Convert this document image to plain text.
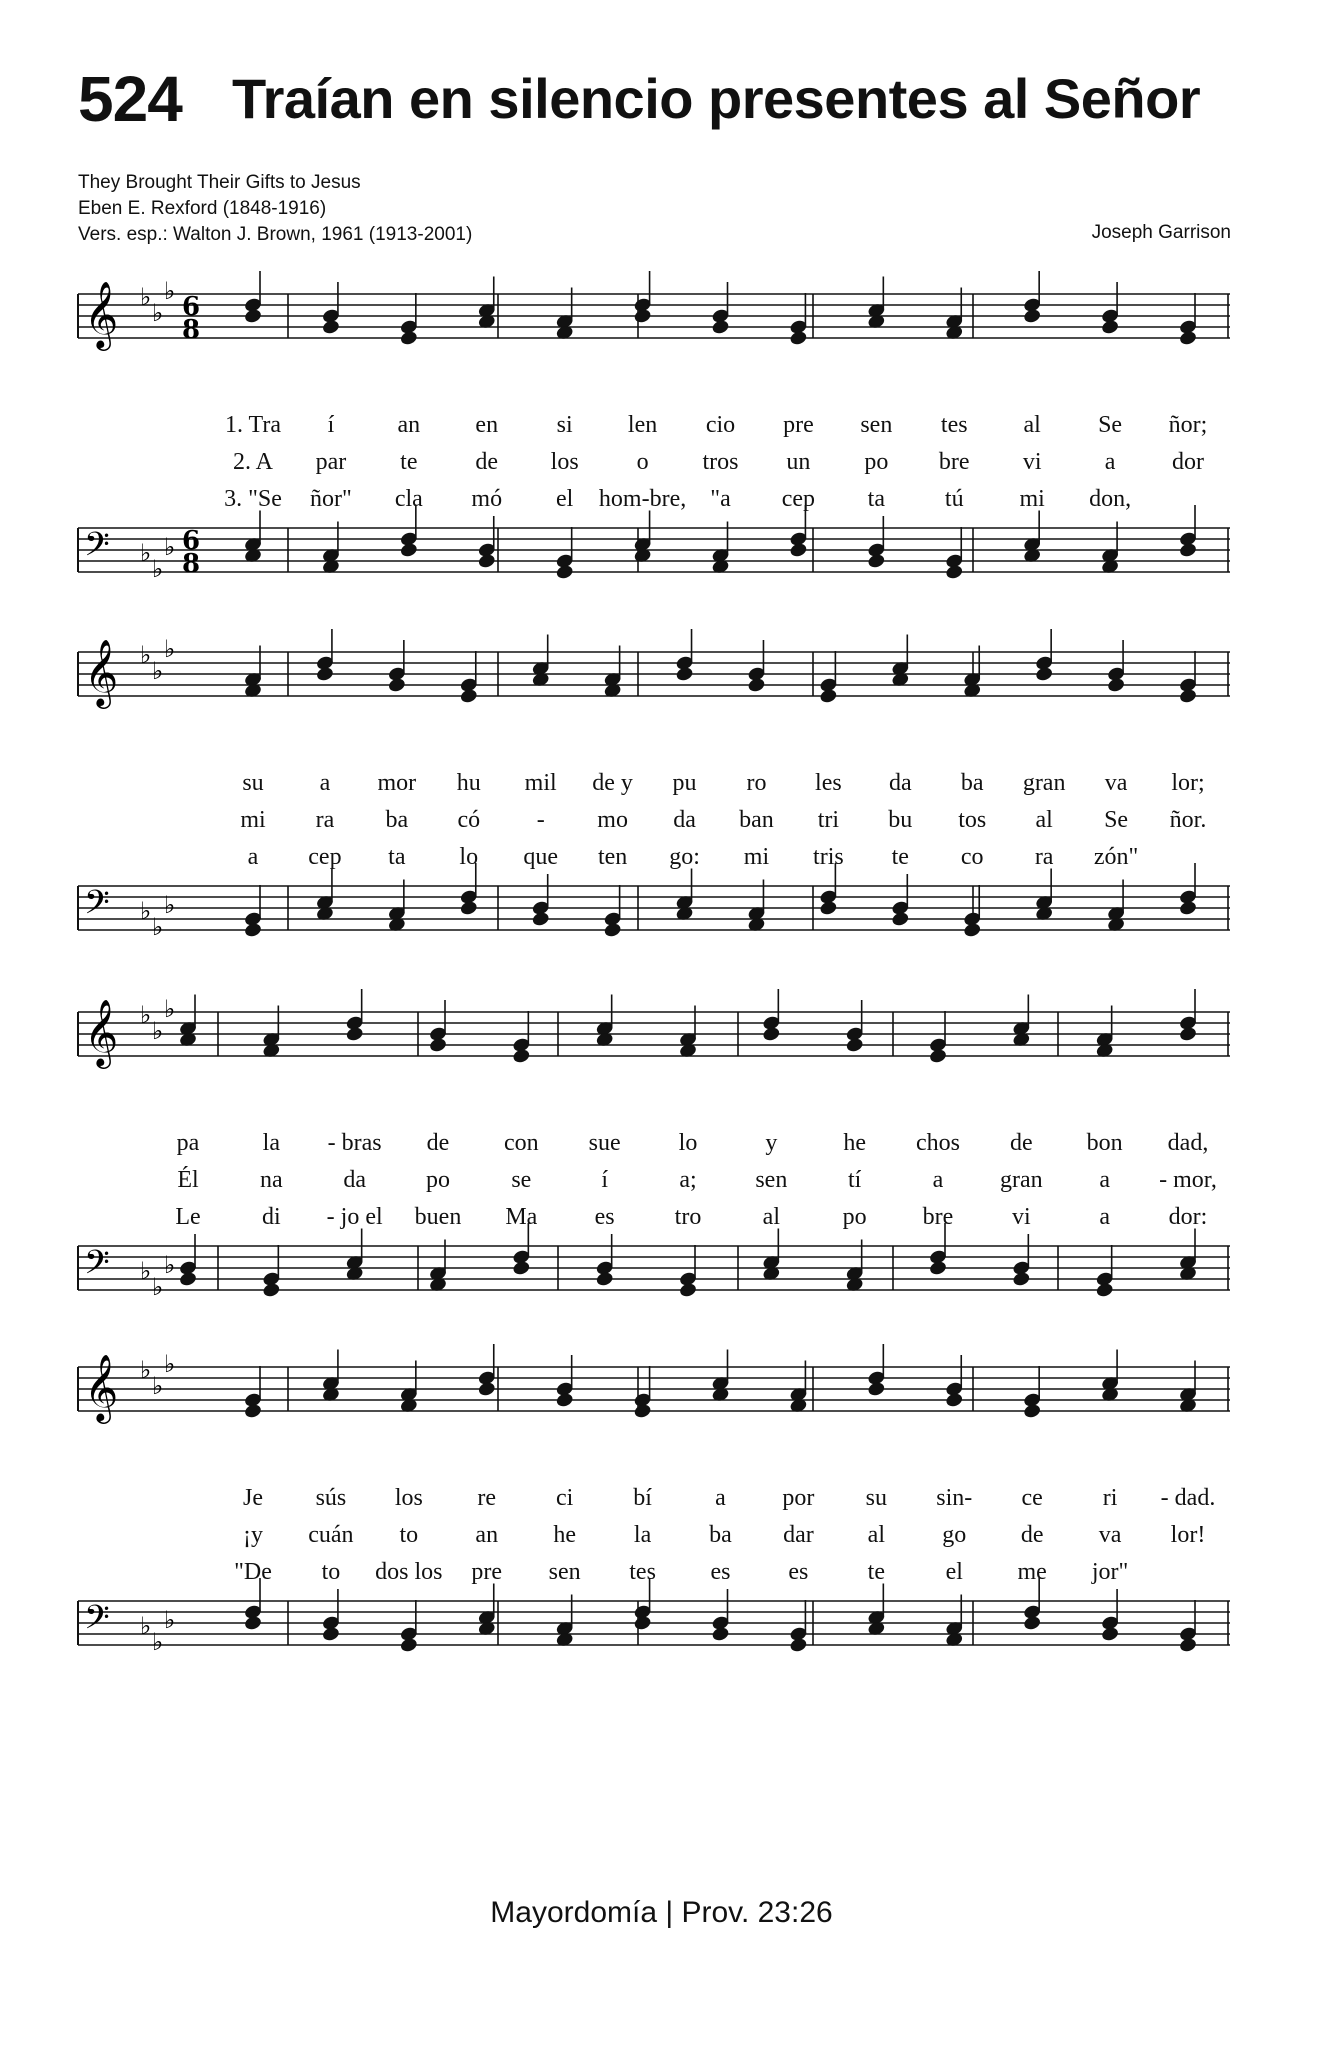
524 Traían en silencio presentes al Señor
They Brought Their Gifts to Jesus
Eben E. Rexford (1848-1916)
Vers. esp.: Walton J. Brown, 1961 (1913-2001)	Joseph Garrison
𝄞 ♭
♭
♭
6
8
𝄢 ♭
♭
♭ 6
8
1. Tra í	an en si len cio pre sen tes al Se ñor;
2. A par te de los o tros un po bre vi	a dor
3. "Se ñor" cla mó el hom-bre, "a cep ta tú mi don,
𝄞 ♭
♭
♭
𝄢 ♭
♭
♭
su a mor hu mil de y pu ro les da ba gran va lor;
mi ra ba có - mo da ban tri bu tos al Se ñor.
a cep ta lo que ten go: mi tris te co ra zón"
𝄞 ♭
♭
♭
𝄢 ♭
♭
♭
pa	la - bras de con sue lo	y	he chos de bon dad,
Él	na	da	po	se	í	a; sen	tí	a gran a - mor,
Le	di - jo el buen Ma es	tro	al	po bre vi	a dor:
𝄞 ♭
♭
♭
𝄢 ♭
♭
♭
Je sús los re ci bí	a por su sin- ce ri - dad.
¡y cuán to an he la ba dar al go de va lor!
"De to dos los pre sen tes es es te	el me jor"
Mayordomía | Prov. 23:26
